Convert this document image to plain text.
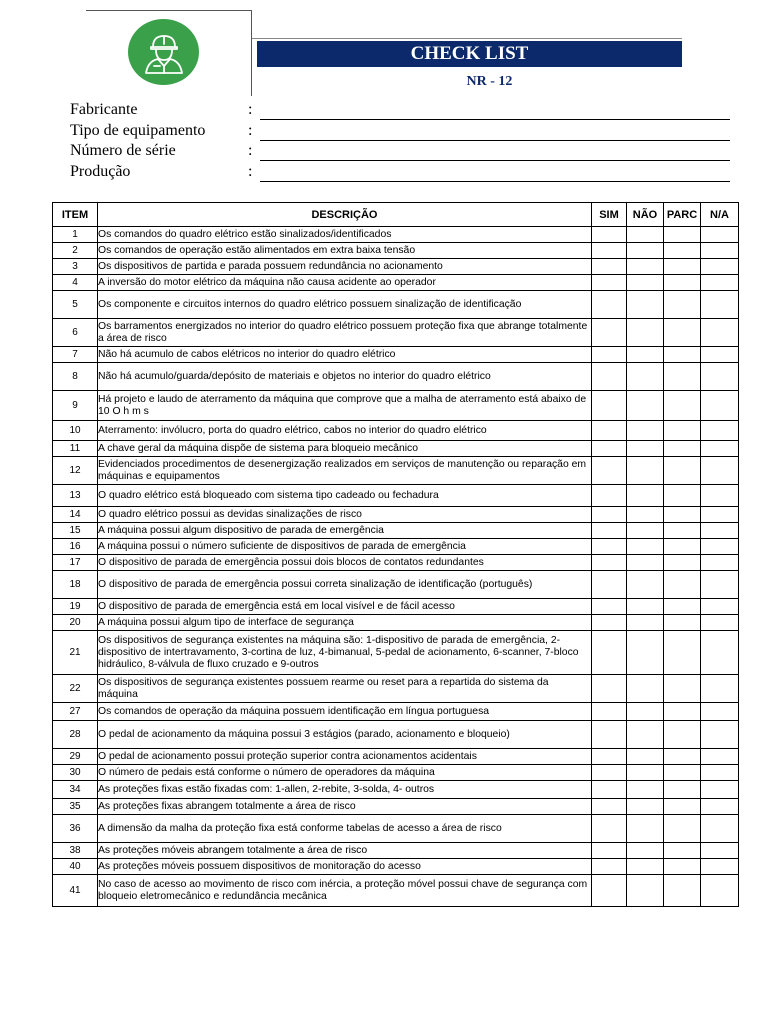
CHECK LIST
NR - 12
Fabricante	:
Tipo de equipamento	:
Número de série	:
Produção	:
ITEM	DESCRIÇÃO	SIM	NÃO	PARC	N/A
1	Os comandos do quadro elétrico estão sinalizados/identificados				
2	Os comandos de operação estão alimentados em extra baixa tensão				
3	Os dispositivos de partida e parada possuem redundância no acionamento				
4	A inversão do motor elétrico da máquina não causa acidente ao operador				
5	Os componente e circuitos internos do quadro elétrico possuem sinalização de identificação				
6	Os barramentos energizados no interior do quadro elétrico possuem proteção fixa que abrange totalmente a área de risco				
7	Não há acumulo de cabos elétricos no interior do quadro elétrico				
8	Não há acumulo/guarda/depósito de materiais e objetos no interior do quadro elétrico				
9	Há projeto e laudo de aterramento da máquina que comprove que a malha de aterramento está abaixo de 10 O h m s				
10	Aterramento: invólucro, porta do quadro elétrico, cabos no interior do quadro elétrico				
11	A chave geral da máquina dispõe de sistema para bloqueio mecânico				
12	Evidenciados procedimentos de desenergização realizados em serviços de manutenção ou reparação em máquinas e equipamentos				
13	O quadro elétrico está bloqueado com sistema tipo cadeado ou fechadura				
14	O quadro elétrico possui as devidas sinalizações de risco				
15	A máquina possui algum dispositivo de parada de emergência				
16	A máquina possui o número suficiente de dispositivos de parada de emergência				
17	O dispositivo de parada de emergência possui dois blocos de contatos redundantes				
18	O dispositivo de parada de emergência possui correta sinalização de identificação (português)				
19	O dispositivo de parada de emergência está em local visível e de fácil acesso				
20	A máquina possui algum tipo de interface de segurança				
21	Os dispositivos de segurança existentes na máquina são: 1-dispositivo de parada de emergência, 2-dispositivo de intertravamento, 3-cortina de luz, 4-bimanual, 5-pedal de acionamento, 6-scanner, 7-bloco hidráulico, 8-válvula de fluxo cruzado e 9-outros				
22	Os dispositivos de segurança existentes possuem rearme ou reset para a repartida do sistema da máquina				
27	Os comandos de operação da máquina possuem identificação em língua portuguesa				
28	O pedal de acionamento da máquina possui 3 estágios (parado, acionamento e bloqueio)				
29	O pedal de acionamento possui proteção superior contra acionamentos acidentais				
30	O número de pedais está conforme o número de operadores da máquina				
34	As proteções fixas estão fixadas com: 1-allen, 2-rebite, 3-solda, 4- outros				
35	As proteções fixas abrangem totalmente a área de risco				
36	A dimensão da malha da proteção fixa está conforme tabelas de acesso a área de risco				
38	As proteções móveis abrangem totalmente a área de risco				
40	As proteções móveis possuem dispositivos de monitoração do acesso				
41	No caso de acesso ao movimento de risco com inércia, a proteção móvel possui chave de segurança com bloqueio eletromecânico e redundância mecânica				
